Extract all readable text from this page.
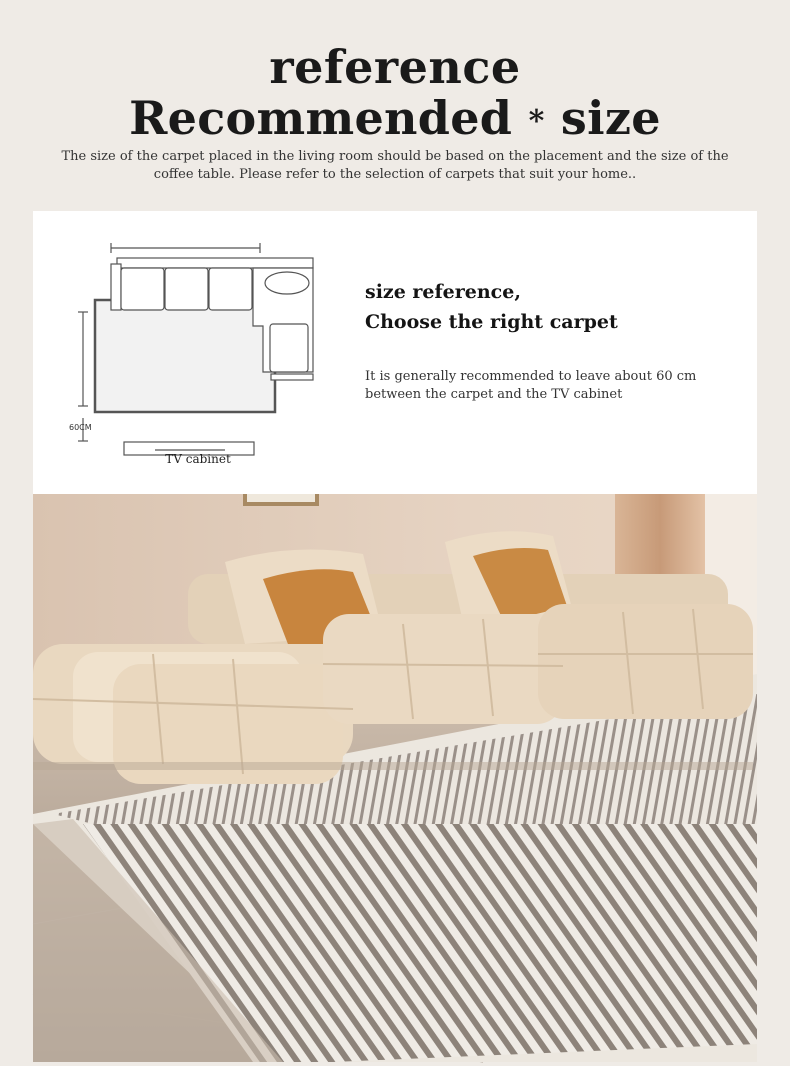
reference
Recommended * size
The size of the carpet placed in the living room should be based on the placement and the size of the coffee table. Please refer to the selection of carpets that suit your home..
60CM
TV cabinet
size reference,
Choose the right carpet
It is generally recommended to leave about 60 cm between the carpet and the TV cabinet
